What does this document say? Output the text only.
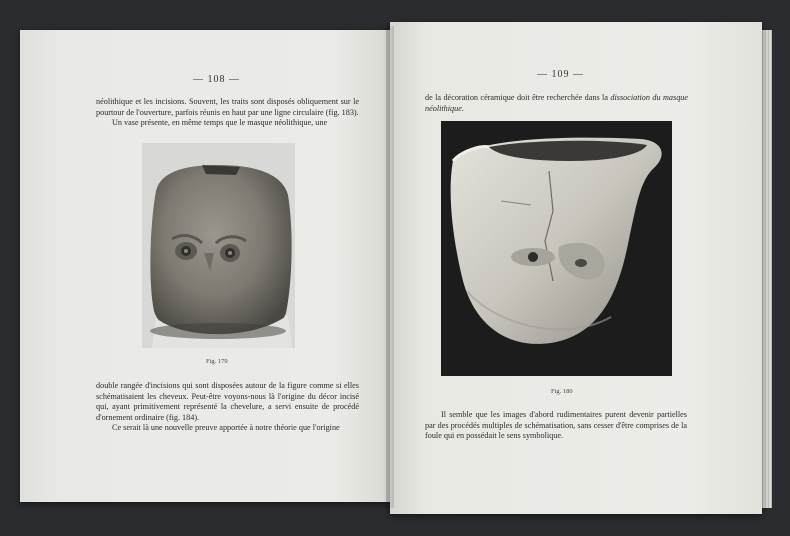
— 108 —

néolithique et les incisions. Souvent, les traits sont disposés obliquement sur le pourtour de l'ouverture, parfois réunis en haut par une ligne circulaire (fig. 183).

Un vase présente, en même temps que le masque néolithique, une

Fig. 179

double rangée d'incisions qui sont disposées autour de la figure comme si elles schématisaient les cheveux. Peut-être voyons-nous là l'origine du décor incisé qui, ayant primitivement représenté la chevelure, a servi ensuite de procédé d'ornement ordinaire (fig. 184).

Ce serait là une nouvelle preuve apportée à notre théorie que l'origine

— 109 —

de la décoration céramique doit être recherchée dans la dissociation du masque néolithique.

Fig. 180

Il semble que les images d'abord rudimentaires purent devenir partielles par des procédés multiples de schématisation, sans cesser d'être comprises de la foule qui en possédait le sens symbolique.
